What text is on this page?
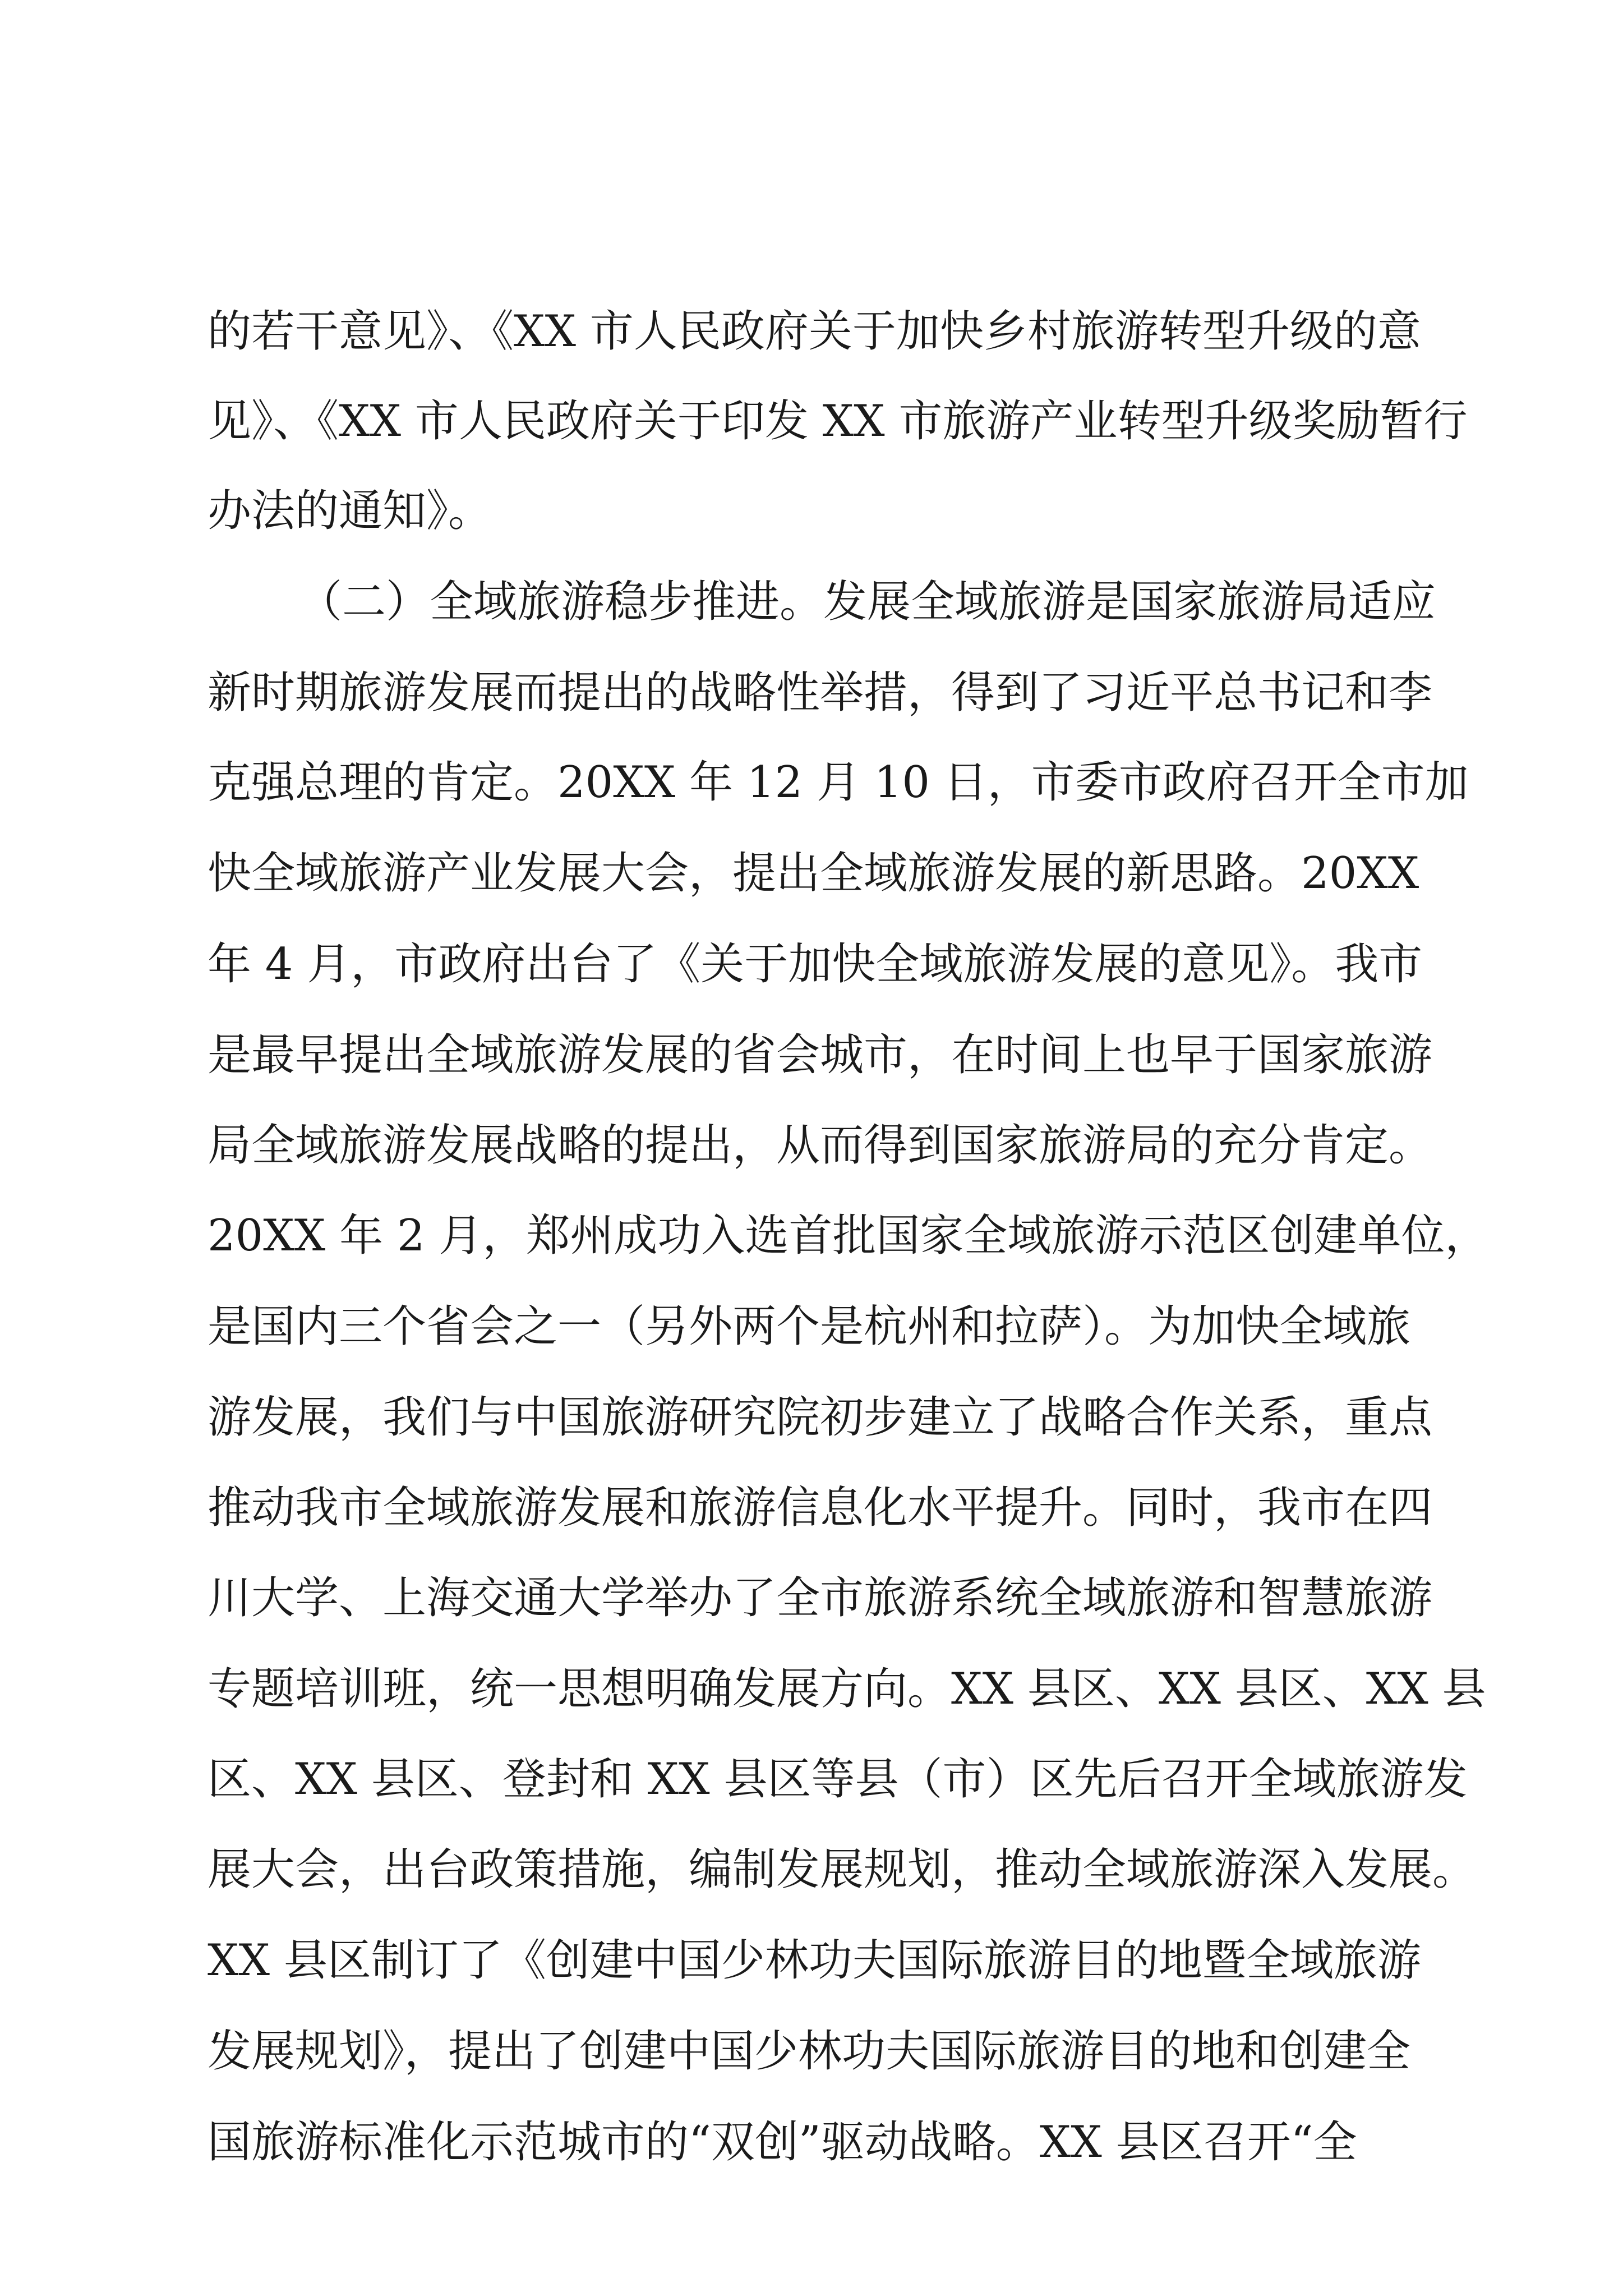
的若干意见》、《XX 市人民政府关于加快乡村旅游转型升级的意

见》、《XX 市人民政府关于印发 XX 市旅游产业转型升级奖励暂行

办法的通知》。

（二）全域旅游稳步推进。发展全域旅游是国家旅游局适应

新时期旅游发展而提出的战略性举措，得到了习近平总书记和李

克强总理的肯定。20XX 年 12 月 10 日，市委市政府召开全市加

快全域旅游产业发展大会，提出全域旅游发展的新思路。20XX

年 4 月，市政府出台了《关于加快全域旅游发展的意见》。我市

是最早提出全域旅游发展的省会城市，在时间上也早于国家旅游

局全域旅游发展战略的提出，从而得到国家旅游局的充分肯定。

20XX 年 2 月，郑州成功入选首批国家全域旅游示范区创建单位，

是国内三个省会之一（另外两个是杭州和拉萨）。为加快全域旅

游发展，我们与中国旅游研究院初步建立了战略合作关系，重点

推动我市全域旅游发展和旅游信息化水平提升。同时，我市在四

川大学、上海交通大学举办了全市旅游系统全域旅游和智慧旅游

专题培训班，统一思想明确发展方向。XX 县区、XX 县区、XX 县

区、XX 县区、登封和 XX 县区等县（市）区先后召开全域旅游发

展大会，出台政策措施，编制发展规划，推动全域旅游深入发展。

XX 县区制订了《创建中国少林功夫国际旅游目的地暨全域旅游

发展规划》，提出了创建中国少林功夫国际旅游目的地和创建全

国旅游标准化示范城市的“双创”驱动战略。XX 县区召开“全
